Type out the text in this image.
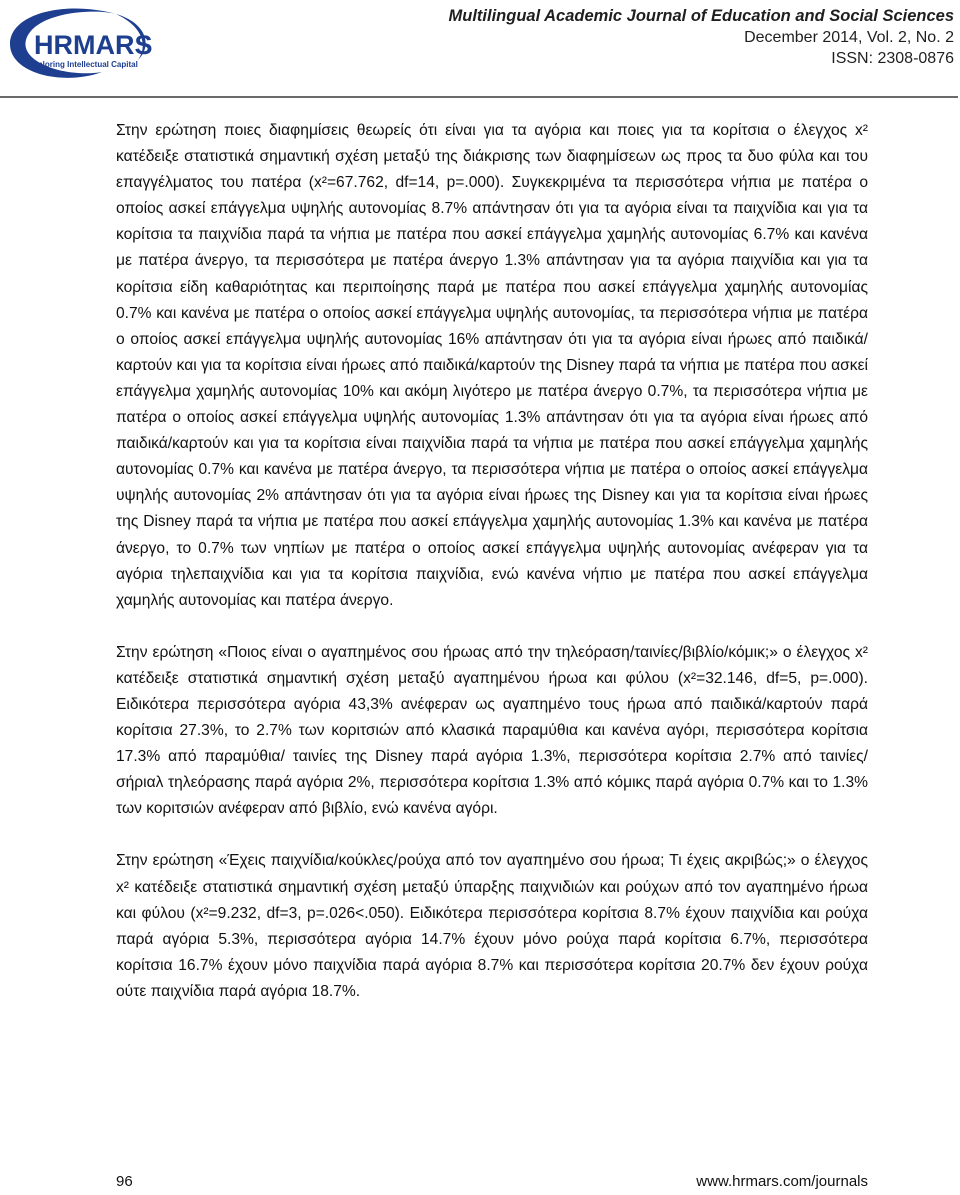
HRMARS
Exploring Intellectual Capital
Multilingual Academic Journal of Education and Social Sciences
December 2014, Vol. 2, No. 2
ISSN: 2308-0876

Στην ερώτηση ποιες διαφημίσεις θεωρείς ότι είναι για τα αγόρια και ποιες για τα κορίτσια ο έλεγχος x² κατέδειξε στατιστικά σημαντική σχέση μεταξύ της διάκρισης των διαφημίσεων ως προς τα δυο φύλα και του επαγγέλματος του πατέρα (x²=67.762, df=14, p=.000). Συγκεκριμένα τα περισσότερα νήπια με πατέρα ο οποίος ασκεί επάγγελμα υψηλής αυτονομίας 8.7% απάντησαν ότι για τα αγόρια είναι τα παιχνίδια και για τα κορίτσια τα παιχνίδια παρά τα νήπια με πατέρα που ασκεί επάγγελμα χαμηλής αυτονομίας 6.7% και κανένα με πατέρα άνεργο, τα περισσότερα με πατέρα άνεργο 1.3% απάντησαν για τα αγόρια παιχνίδια και για τα κορίτσια είδη καθαριότητας και περιποίησης παρά με πατέρα που ασκεί επάγγελμα χαμηλής αυτονομίας 0.7% και κανένα με πατέρα ο οποίος ασκεί επάγγελμα υψηλής αυτονομίας, τα περισσότερα νήπια με πατέρα ο οποίος ασκεί επάγγελμα υψηλής αυτονομίας 16% απάντησαν ότι για τα αγόρια είναι ήρωες από παιδικά/καρτούν και για τα κορίτσια είναι ήρωες από παιδικά/καρτούν της Disney παρά τα νήπια με πατέρα που ασκεί επάγγελμα χαμηλής αυτονομίας 10% και ακόμη λιγότερο με πατέρα άνεργο 0.7%, τα περισσότερα νήπια με πατέρα ο οποίος ασκεί επάγγελμα υψηλής αυτονομίας 1.3% απάντησαν ότι για τα αγόρια είναι ήρωες από παιδικά/καρτούν και για τα κορίτσια είναι παιχνίδια παρά τα νήπια με πατέρα που ασκεί επάγγελμα χαμηλής αυτονομίας 0.7% και κανένα με πατέρα άνεργο, τα περισσότερα νήπια με πατέρα ο οποίος ασκεί επάγγελμα υψηλής αυτονομίας 2% απάντησαν ότι για τα αγόρια είναι ήρωες της Disney και για τα κορίτσια είναι ήρωες της Disney παρά τα νήπια με πατέρα που ασκεί επάγγελμα χαμηλής αυτονομίας 1.3% και κανένα με πατέρα άνεργο, το 0.7% των νηπίων με πατέρα ο οποίος ασκεί επάγγελμα υψηλής αυτονομίας ανέφεραν για τα αγόρια τηλεπαιχνίδια και για τα κορίτσια παιχνίδια, ενώ κανένα νήπιο με πατέρα που ασκεί επάγγελμα χαμηλής αυτονομίας και πατέρα άνεργο.

Στην ερώτηση «Ποιος είναι ο αγαπημένος σου ήρωας από την τηλεόραση/ταινίες/βιβλίο/κόμικ;» ο έλεγχος x² κατέδειξε στατιστικά σημαντική σχέση μεταξύ αγαπημένου ήρωα και φύλου (x²=32.146, df=5, p=.000). Ειδικότερα περισσότερα αγόρια 43,3% ανέφεραν ως αγαπημένο τους ήρωα από παιδικά/καρτούν παρά κορίτσια 27.3%, το 2.7% των κοριτσιών από κλασικά παραμύθια και κανένα αγόρι, περισσότερα κορίτσια 17.3% από παραμύθια/ ταινίες της Disney παρά αγόρια 1.3%, περισσότερα κορίτσια 2.7% από ταινίες/σήριαλ τηλεόρασης παρά αγόρια 2%, περισσότερα κορίτσια 1.3% από κόμικς παρά αγόρια 0.7% και το 1.3% των κοριτσιών ανέφεραν από βιβλίο, ενώ κανένα αγόρι.

Στην ερώτηση «Έχεις παιχνίδια/κούκλες/ρούχα από τον αγαπημένο σου ήρωα; Τι έχεις ακριβώς;» ο έλεγχος x² κατέδειξε στατιστικά σημαντική σχέση μεταξύ ύπαρξης παιχνιδιών και ρούχων από τον αγαπημένο ήρωα και φύλου (x²=9.232, df=3, p=.026<.050). Ειδικότερα περισσότερα κορίτσια 8.7% έχουν παιχνίδια και ρούχα παρά αγόρια 5.3%, περισσότερα αγόρια 14.7% έχουν μόνο ρούχα παρά κορίτσια 6.7%, περισσότερα κορίτσια 16.7% έχουν μόνο παιχνίδια παρά αγόρια 8.7% και περισσότερα κορίτσια 20.7% δεν έχουν ρούχα ούτε παιχνίδια παρά αγόρια 18.7%.

96	www.hrmars.com/journals
